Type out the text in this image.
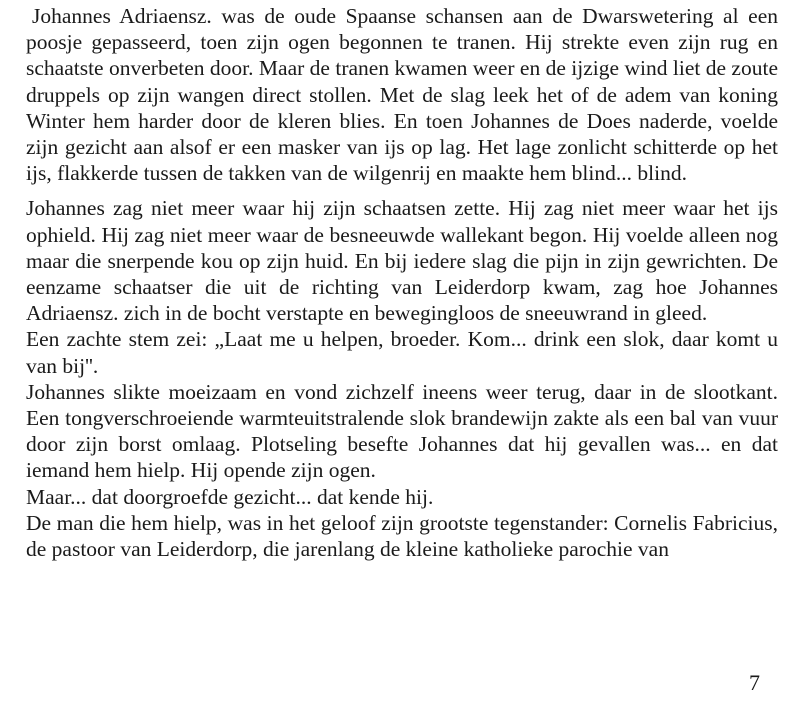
Johannes Adriaensz. was de oude Spaanse schansen aan de Dwarswetering al een poosje gepasseerd, toen zijn ogen begonnen te tranen. Hij strekte even zijn rug en schaatste onverbeten door. Maar de tranen kwamen weer en de ijzige wind liet de zoute druppels op zijn wangen direct stollen. Met de slag leek het of de adem van koning Winter hem harder door de kleren blies. En toen Johannes de Does naderde, voelde zijn gezicht aan alsof er een masker van ijs op lag. Het lage zonlicht schitterde op het ijs, flakkerde tussen de takken van de wilgenrij en maakte hem blind... blind.

Johannes zag niet meer waar hij zijn schaatsen zette. Hij zag niet meer waar het ijs ophield. Hij zag niet meer waar de besneeuwde wallekant begon. Hij voelde alleen nog maar die snerpende kou op zijn huid. En bij iedere slag die pijn in zijn gewrichten. De eenzame schaatser die uit de richting van Leiderdorp kwam, zag hoe Johannes Adriaensz. zich in de bocht verstapte en bewegingloos de sneeuwrand in gleed.

Een zachte stem zei: „Laat me u helpen, broeder. Kom... drink een slok, daar komt u van bij''.

Johannes slikte moeizaam en vond zichzelf ineens weer terug, daar in de slootkant. Een tongverschroeiende warmteuitstralende slok brandewijn zakte als een bal van vuur door zijn borst omlaag. Plotseling besefte Johannes dat hij gevallen was... en dat iemand hem hielp. Hij opende zijn ogen.

Maar... dat doorgroefde gezicht... dat kende hij.

De man die hem hielp, was in het geloof zijn grootste tegenstander: Cornelis Fabricius, de pastoor van Leiderdorp, die jarenlang de kleine katholieke parochie van

7
